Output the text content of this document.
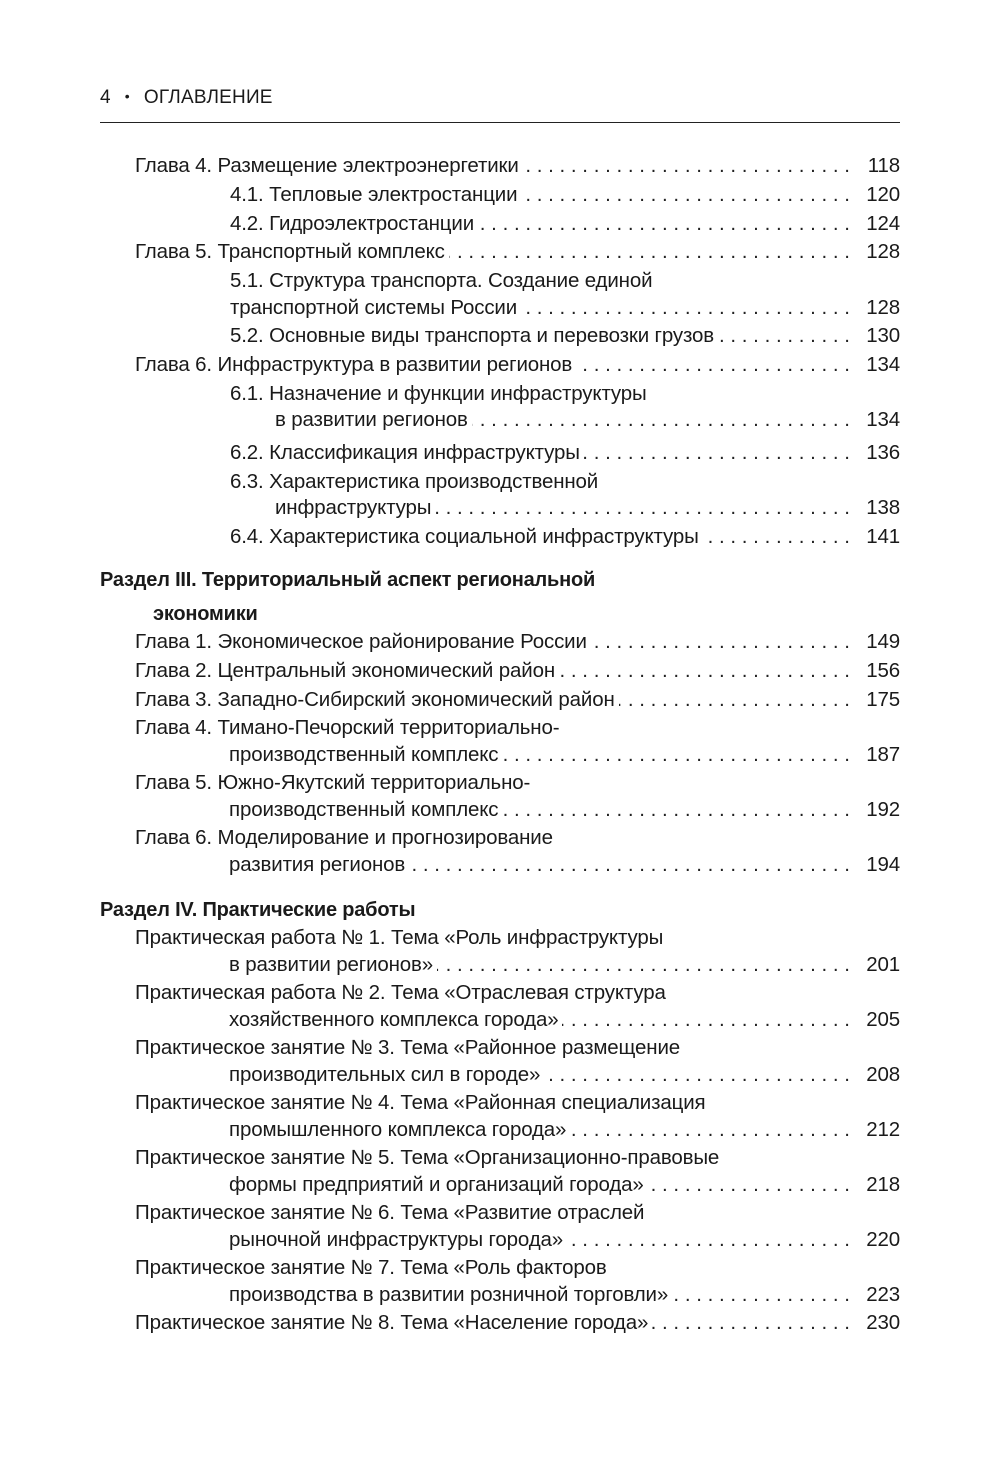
4 • ОГЛАВЛЕНИЕ
Глава 4. Размещение электроэнергетики . . .	118
4.1. Тепловые электростанции . . .	120
4.2. Гидроэлектростанции . . .	124
Глава 5. Транспортный комплекс . . .	128
5.1. Структура транспорта. Создание единой
транспортной системы России . . .	128
5.2. Основные виды транспорта и перевозки грузов . . .	130
Глава 6. Инфраструктура в развитии регионов . . .	134
6.1. Назначение и функции инфраструктуры
в развитии регионов . . .	134
6.2. Классификация инфраструктуры . . .	136
6.3. Характеристика производственной
инфраструктуры . . .	138
6.4. Характеристика социальной инфраструктуры . . .	141
Раздел III. Территориальный аспект региональной
экономики
Глава 1. Экономическое районирование России . . .	149
Глава 2. Центральный экономический район . . .	156
Глава 3. Западно-Сибирский экономический район . . .	175
Глава 4. Тимано-Печорский территориально-
производственный комплекс . . .	187
Глава 5. Южно-Якутский территориально-
производственный комплекс . . .	192
Глава 6. Моделирование и прогнозирование
развития регионов . . .	194
Раздел IV. Практические работы
Практическая работа № 1. Тема «Роль инфраструктуры
в развитии регионов» . . .	201
Практическая работа № 2. Тема «Отраслевая структура
хозяйственного комплекса города» . . .	205
Практическое занятие № 3. Тема «Районное размещение
производительных сил в городе» . . .	208
Практическое занятие № 4. Тема «Районная специализация
промышленного комплекса города» . . .	212
Практическое занятие № 5. Тема «Организационно-правовые
формы предприятий и организаций города» . . .	218
Практическое занятие № 6. Тема «Развитие отраслей
рыночной инфраструктуры города» . . .	220
Практическое занятие № 7. Тема «Роль факторов
производства в развитии розничной торговли» . . .	223
Практическое занятие № 8. Тема «Население города» . . .	230
